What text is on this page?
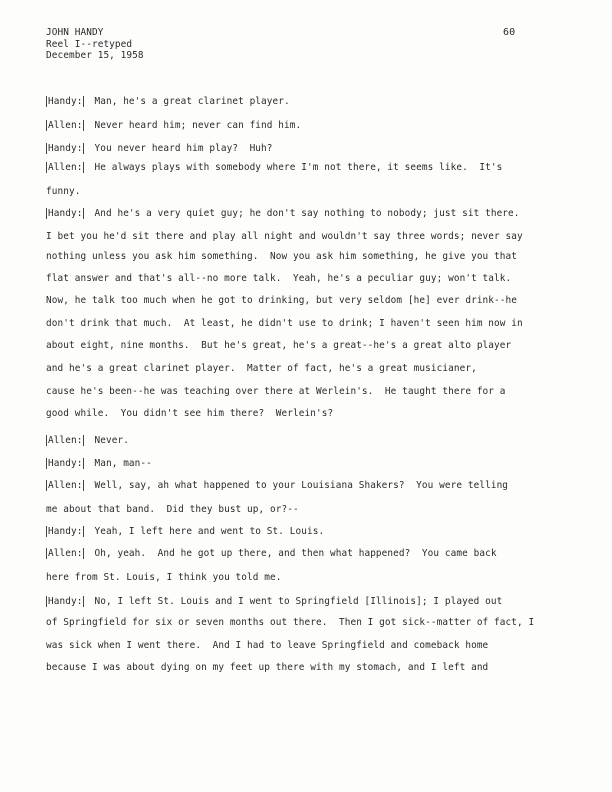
JOHN HANDY
Reel I--retyped
December 15, 1958
60
Handy: Man, he's a great clarinet player.
Allen: Never heard him; never can find him.
Handy: You never heard him play?  Huh?
Allen: He always plays with somebody where I'm not there, it seems like.  It's
funny.
Handy: And he's a very quiet guy; he don't say nothing to nobody; just sit there.
I bet you he'd sit there and play all night and wouldn't say three words; never say
nothing unless you ask him something.  Now you ask him something, he give you that
flat answer and that's all--no more talk.  Yeah, he's a peculiar guy; won't talk.
Now, he talk too much when he got to drinking, but very seldom [he] ever drink--he
don't drink that much.  At least, he didn't use to drink; I haven't seen him now in
about eight, nine months.  But he's great, he's a great--he's a great alto player
and he's a great clarinet player.  Matter of fact, he's a great musicianer,
cause he's been--he was teaching over there at Werlein's.  He taught there for a
good while.  You didn't see him there?  Werlein's?
Allen: Never.
Handy: Man, man--
Allen: Well, say, ah what happened to your Louisiana Shakers?  You were telling
me about that band.  Did they bust up, or?--
Handy: Yeah, I left here and went to St. Louis.
Allen: Oh, yeah.  And he got up there, and then what happened?  You came back
here from St. Louis, I think you told me.
Handy: No, I left St. Louis and I went to Springfield [Illinois]; I played out
of Springfield for six or seven months out there.  Then I got sick--matter of fact, I
was sick when I went there.  And I had to leave Springfield and comeback home
because I was about dying on my feet up there with my stomach, and I left and
